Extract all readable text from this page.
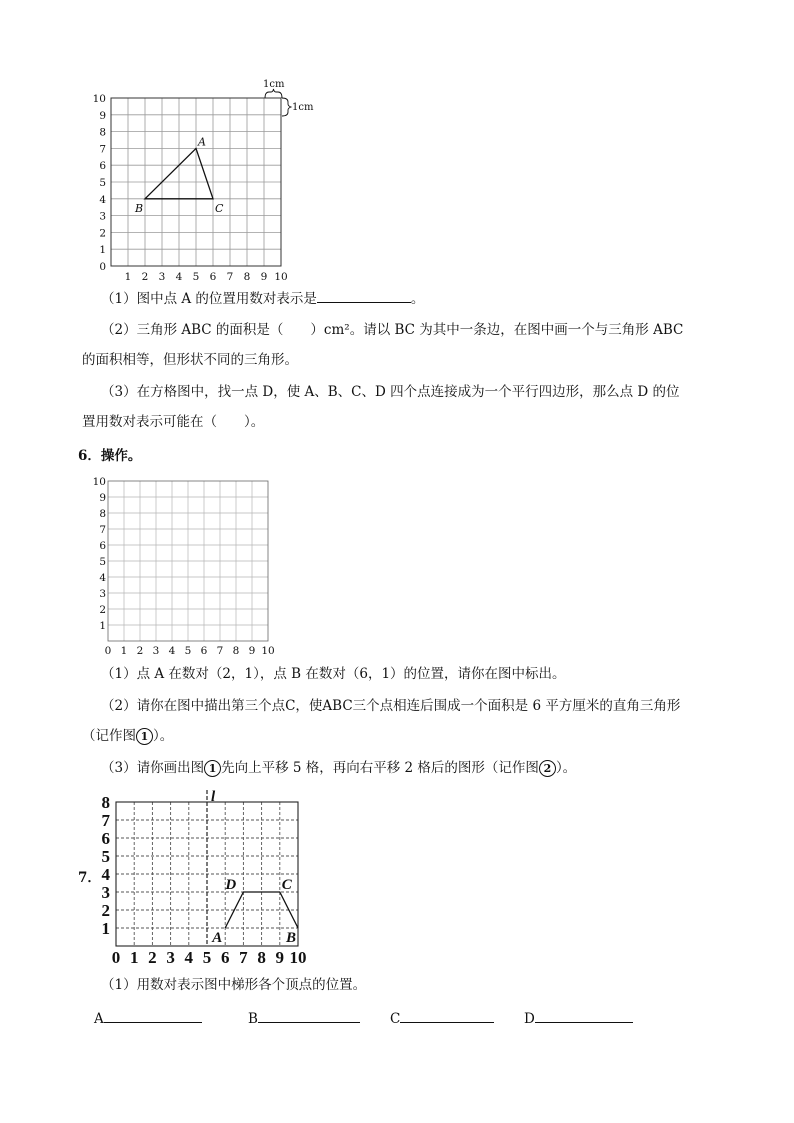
0
1
2
3
4
5
6
7
8
9
10
1 2 3 4 5 6 7 8 9 10
A
B	C
1cm
1cm
（1）图中点 A 的位置用数对表示是	。
（2）三角形 ABC 的面积是（　　）cm²。请以 BC 为其中一条边，在图中画一个与三角形 ABC
的面积相等，但形状不同的三角形。
（3）在方格图中，找一点 D，使 A、B、C、D 四个点连接成为一个平行四边形，那么点 D 的位
置用数对表示可能在（　　）。
6．操作。
1
2
3
4
5
6
7
8
9
10
0 1 2 3 4 5 6 7 8 9 10
（1）点 A 在数对（2，1），点 B 在数对（6，1）的位置，请你在图中标出。
（2）请你在图中描出第三个点C，使ABC三个点相连后围成一个面积是 6 平方厘米的直角三角形
（记作图 1 ）。
（3）请你画出图 1 先向上平移 5 格，再向右平移 2 格后的图形（记作图 2 ）。
7．
l
1
2
3
4
5
6
7
8
0 1 2 3 4 5 6 7 8 9 10
A	B
C
D
（1）用数对表示图中梯形各个顶点的位置。
A	B	C	D
